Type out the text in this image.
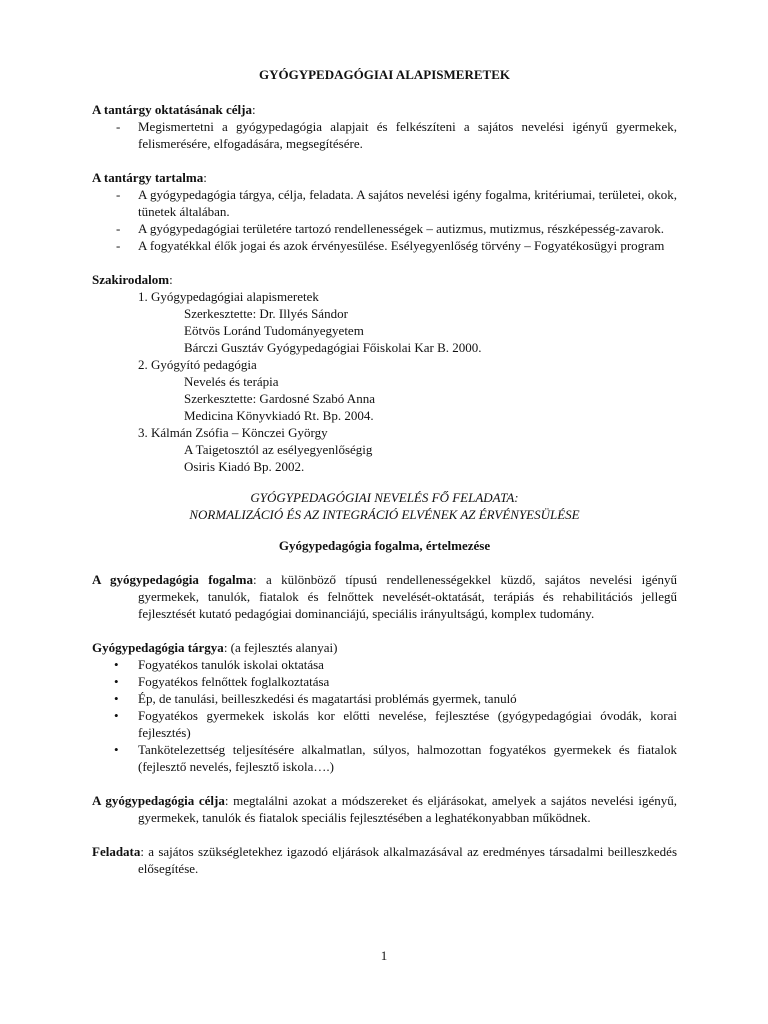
GYÓGYPEDAGÓGIAI ALAPISMERETEK

A tantárgy oktatásának célja:

- Megismertetni a gyógypedagógia alapjait és felkészíteni a sajátos nevelési igényű gyermekek, felismerésére, elfogadására, megsegítésére.

A tantárgy tartalma:

- A gyógypedagógia tárgya, célja, feladata. A sajátos nevelési igény fogalma, kritériumai, területei, okok, tünetek általában.
- A gyógypedagógiai területére tartozó rendellenességek – autizmus, mutizmus, részképesség-zavarok.
- A fogyatékkal élők jogai és azok érvényesülése. Esélyegyenlőség törvény – Fogyatékosügyi program

Szakirodalom:

1. Gyógypedagógiai alapismeretek
Szerkesztette: Dr. Illyés Sándor
Eötvös Loránd Tudományegyetem
Bárczi Gusztáv Gyógypedagógiai Főiskolai Kar B. 2000.
2. Gyógyító pedagógia
Nevelés és terápia
Szerkesztette: Gardosné Szabó Anna
Medicina Könyvkiadó Rt. Bp. 2004.
3. Kálmán Zsófia – Könczei György
A Taigetosztól az esélyegyenlőségig
Osiris Kiadó Bp. 2002.
GYÓGYPEDAGÓGIAI NEVELÉS FŐ FELADATA:
NORMALIZÁCIÓ ÉS AZ INTEGRÁCIÓ ELVÉNEK AZ ÉRVÉNYESÜLÉSE
Gyógypedagógia fogalma, értelmezése
A gyógypedagógia fogalma: a különböző típusú rendellenességekkel küzdő, sajátos nevelési igényű gyermekek, tanulók, fiatalok és felnőttek nevelését-oktatását, terápiás és rehabilitációs jellegű fejlesztését kutató pedagógiai dominanciájú, speciális irányultságú, komplex tudomány.

Gyógypedagógia tárgya: (a fejlesztés alanyai)

• Fogyatékos tanulók iskolai oktatása
• Fogyatékos felnőttek foglalkoztatása
• Ép, de tanulási, beilleszkedési és magatartási problémás gyermek, tanuló
• Fogyatékos gyermekek iskolás kor előtti nevelése, fejlesztése (gyógypedagógiai óvodák, korai fejlesztés)
• Tankötelezettség teljesítésére alkalmatlan, súlyos, halmozottan fogyatékos gyermekek és fiatalok (fejlesztő nevelés, fejlesztő iskola….)
A gyógypedagógia célja: megtalálni azokat a módszereket és eljárásokat, amelyek a sajátos nevelési igényű, gyermekek, tanulók és fiatalok speciális fejlesztésében a leghatékonyabban működnek.
Feladata: a sajátos szükségletekhez igazodó eljárások alkalmazásával az eredményes társadalmi beilleszkedés elősegítése.
1
